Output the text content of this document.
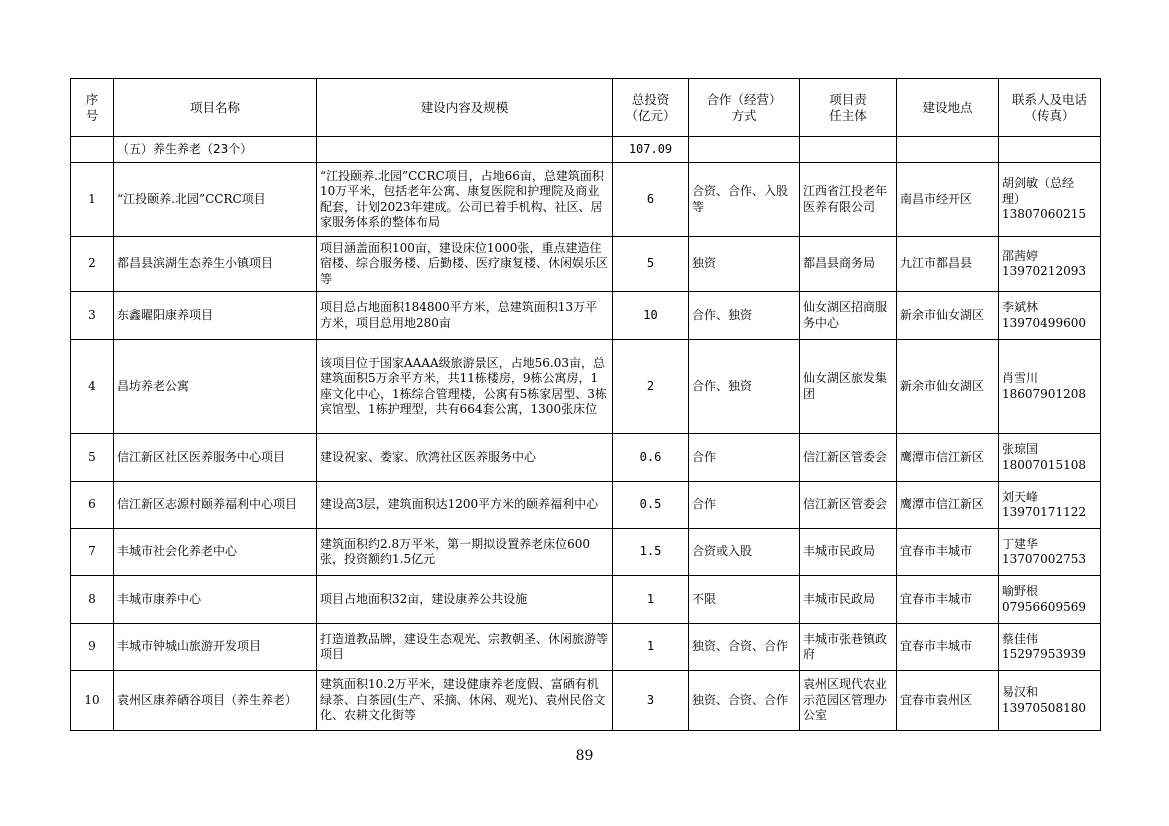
序
号	项目名称	建设内容及规模	总投资
（亿元）	合作（经营）
方式	项目责
任主体	建设地点	联系人及电话
（传真）
	（五）养生养老（23个）		107.09				
1	“江投颐养.北园”CCRC项目	“江投颐养.北园”CCRC项目，占地66亩，总建筑面积10万平米，包括老年公寓、康复医院和护理院及商业配套，计划2023年建成。公司已着手机构、社区、居家服务体系的整体布局	6	合资、合作、入股等	江西省江投老年医养有限公司	南昌市经开区	胡剑敏（总经理）
13807060215
2	都昌县滨湖生态养生小镇项目	项目涵盖面积100亩，建设床位1000张，重点建造住宿楼、综合服务楼、后勤楼、医疗康复楼、休闲娱乐区等	5	独资	都昌县商务局	九江市都昌县	邵茜婷
13970212093
3	东鑫曜阳康养项目	项目总占地面积184800平方米，总建筑面积13万平方米，项目总用地280亩	10	合作、独资	仙女湖区招商服务中心	新余市仙女湖区	李斌林
13970499600
4	昌坊养老公寓	该项目位于国家AAAA级旅游景区，占地56.03亩，总建筑面积5万余平方米，共11栋楼房，9栋公寓房，1座文化中心，1栋综合管理楼，公寓有5栋家居型、3栋宾馆型、1栋护理型，共有664套公寓，1300张床位	2	合作、独资	仙女湖区旅发集团	新余市仙女湖区	肖雪川
18607901208
5	信江新区社区医养服务中心项目	建设祝家、娄家、欣湾社区医养服务中心	0.6	合作	信江新区管委会	鹰潭市信江新区	张琼国
18007015108
6	信江新区志源村颐养福利中心项目	建设高3层，建筑面积达1200平方米的颐养福利中心	0.5	合作	信江新区管委会	鹰潭市信江新区	刘天峰
13970171122
7	丰城市社会化养老中心	建筑面积约2.8万平米，第一期拟设置养老床位600张，投资额约1.5亿元	1.5	合资或入股	丰城市民政局	宜春市丰城市	丁建华
13707002753
8	丰城市康养中心	项目占地面积32亩，建设康养公共设施	1	不限	丰城市民政局	宜春市丰城市	喻野根
07956609569
9	丰城市钟城山旅游开发项目	打造道教品牌，建设生态观光、宗教朝圣、休闲旅游等项目	1	独资、合资、合作	丰城市张巷镇政府	宜春市丰城市	蔡佳伟
15297953939
10	袁州区康养硒谷项目（养生养老）	建筑面积10.2万平米，建设健康养老度假、富硒有机绿茶、白茶园(生产、采摘、休闲、观光)、袁州民俗文化、农耕文化街等	3	独资、合资、合作	袁州区现代农业示范园区管理办公室	宜春市袁州区	易汉和
13970508180
89
